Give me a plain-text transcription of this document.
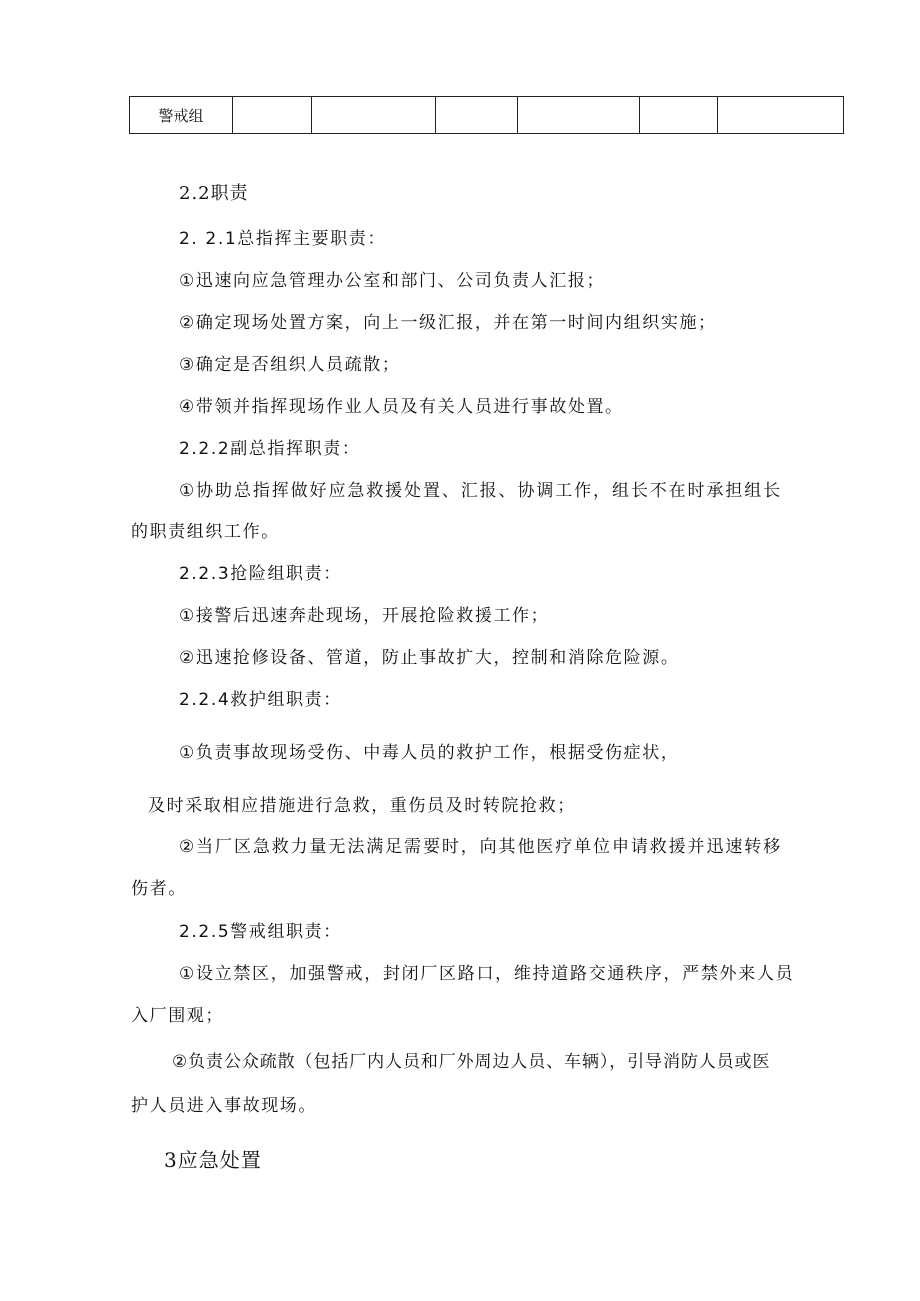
警戒组						
2.2职责
2. 2.1总指挥主要职责：
①迅速向应急管理办公室和部门、公司负责人汇报；
②确定现场处置方案，向上一级汇报，并在第一时间内组织实施；
③确定是否组织人员疏散；
④带领并指挥现场作业人员及有关人员进行事故处置。
2.2.2副总指挥职责：
①协助总指挥做好应急救援处置、汇报、协调工作，组长不在时承担组长
的职责组织工作。
2.2.3抢险组职责：
①接警后迅速奔赴现场，开展抢险救援工作；
②迅速抢修设备、管道，防止事故扩大，控制和消除危险源。
2.2.4救护组职责：
①负责事故现场受伤、中毒人员的救护工作，根据受伤症状，
及时采取相应措施进行急救，重伤员及时转院抢救；
②当厂区急救力量无法满足需要时，向其他医疗单位申请救援并迅速转移
伤者。
2.2.5警戒组职责：
①设立禁区，加强警戒，封闭厂区路口，维持道路交通秩序，严禁外来人员
入厂围观；
②负责公众疏散（包括厂内人员和厂外周边人员、车辆），引导消防人员或医
护人员进入事故现场。
3应急处置
